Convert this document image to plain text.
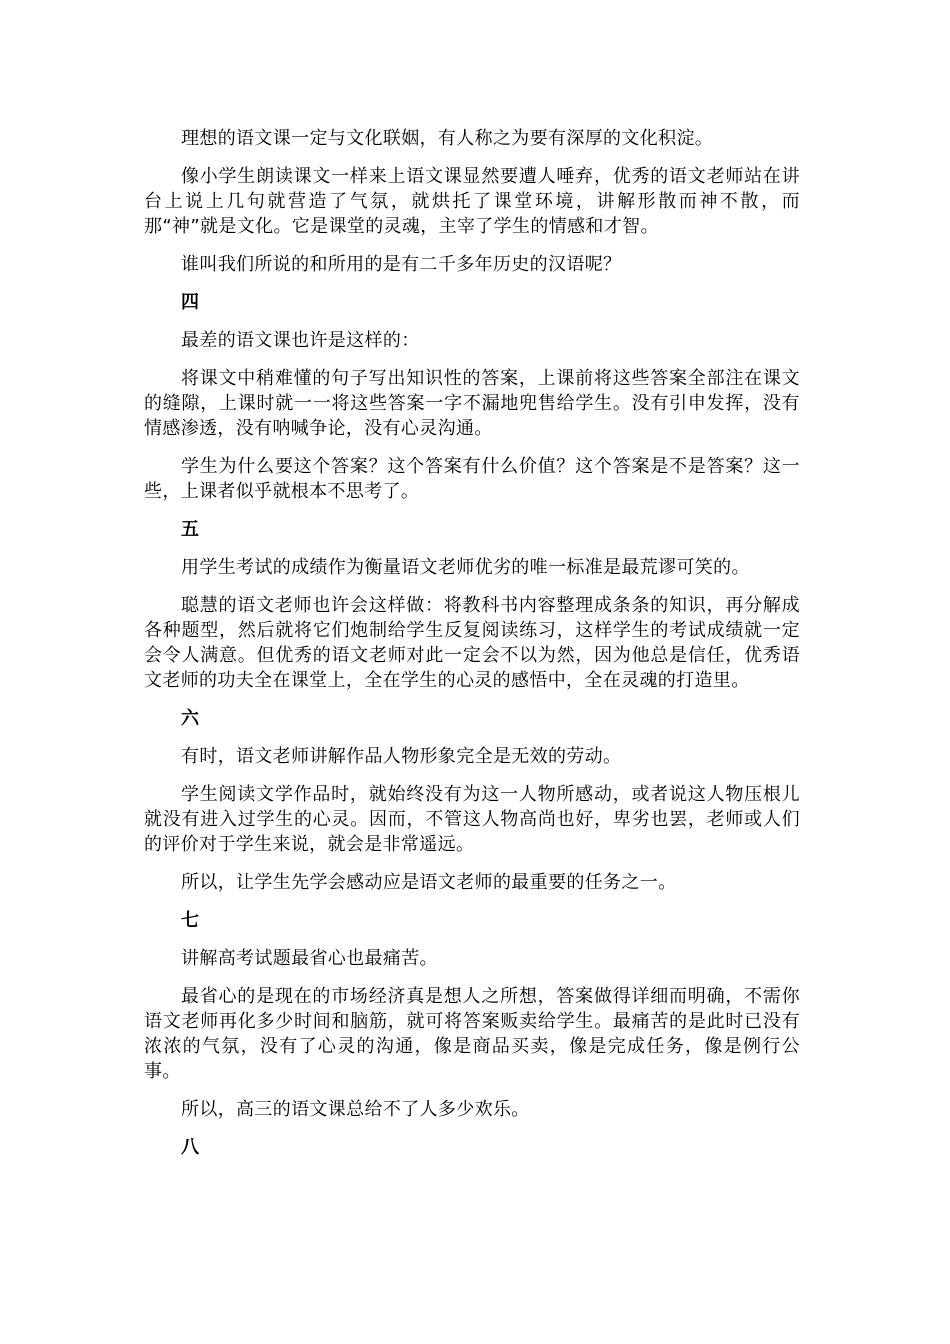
理想的语文课一定与文化联姻，有人称之为要有深厚的文化积淀。

像小学生朗读课文一样来上语文课显然要遭人唾弃，优秀的语文老师站在讲台上说上几句就营造了气氛，就烘托了课堂环境，讲解形散而神不散，而那“神”就是文化。它是课堂的灵魂，主宰了学生的情感和才智。

谁叫我们所说的和所用的是有二千多年历史的汉语呢？

四

最差的语文课也许是这样的：

将课文中稍难懂的句子写出知识性的答案，上课前将这些答案全部注在课文的缝隙，上课时就一一将这些答案一字不漏地兜售给学生。没有引申发挥，没有情感渗透，没有呐喊争论，没有心灵沟通。

学生为什么要这个答案？这个答案有什么价值？这个答案是不是答案？这一些，上课者似乎就根本不思考了。

五

用学生考试的成绩作为衡量语文老师优劣的唯一标准是最荒谬可笑的。

聪慧的语文老师也许会这样做：将教科书内容整理成条条的知识，再分解成各种题型，然后就将它们炮制给学生反复阅读练习，这样学生的考试成绩就一定会令人满意。但优秀的语文老师对此一定会不以为然，因为他总是信任，优秀语文老师的功夫全在课堂上，全在学生的心灵的感悟中，全在灵魂的打造里。

六

有时，语文老师讲解作品人物形象完全是无效的劳动。

学生阅读文学作品时，就始终没有为这一人物所感动，或者说这人物压根儿就没有进入过学生的心灵。因而，不管这人物高尚也好，卑劣也罢，老师或人们的评价对于学生来说，就会是非常遥远。

所以，让学生先学会感动应是语文老师的最重要的任务之一。

七

讲解高考试题最省心也最痛苦。

最省心的是现在的市场经济真是想人之所想，答案做得详细而明确，不需你语文老师再化多少时间和脑筋，就可将答案贩卖给学生。最痛苦的是此时已没有浓浓的气氛，没有了心灵的沟通，像是商品买卖，像是完成任务，像是例行公事。

所以，高三的语文课总给不了人多少欢乐。

八
